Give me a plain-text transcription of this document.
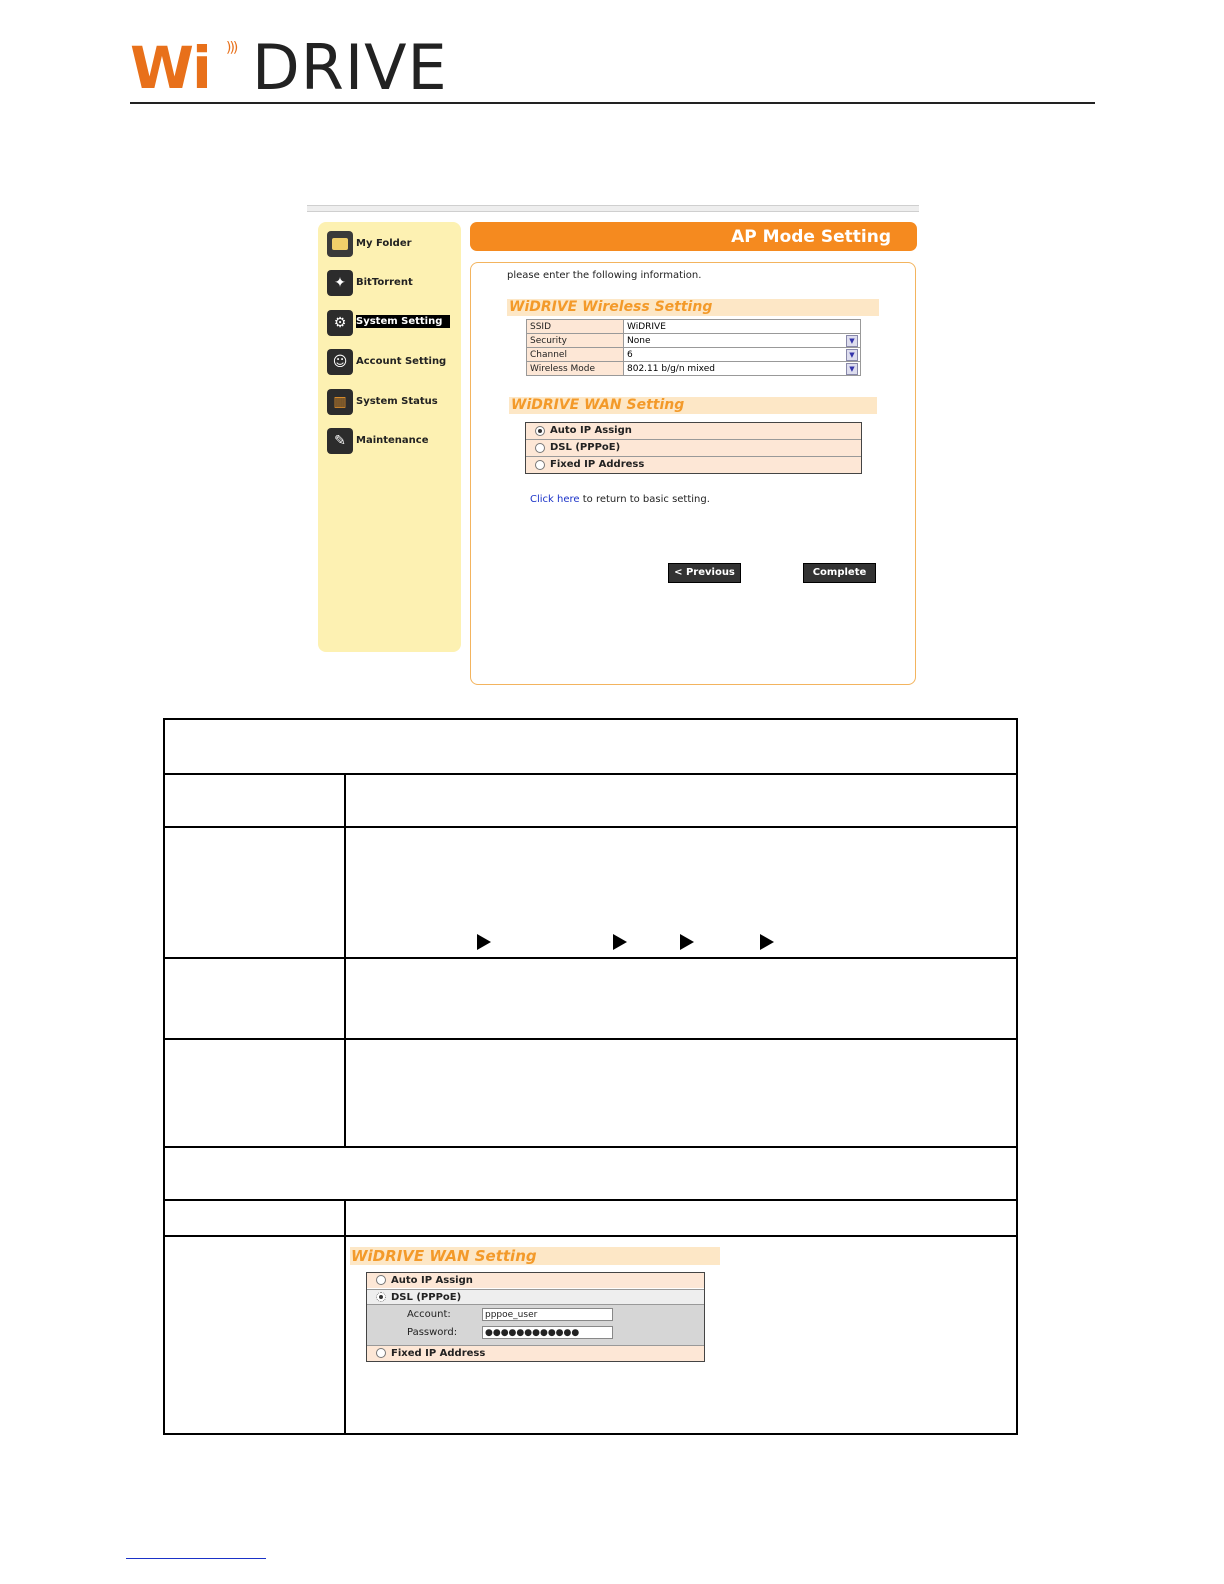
Wi ))) DRIVE
My Folder
✦	BitTorrent
⚙ System Setting
☺ Account Setting
▥ System Status
✎	Maintenance
AP Mode Setting
please enter the following information.
WiDRIVE Wireless Setting
SSID	WiDRIVE
Security	None ▼

Channel	6 ▼

Wireless Mode	802.11 b/g/n mixed ▼
WiDRIVE WAN Setting
Auto IP Assign
DSL (PPPoE)
Fixed IP Address
Click here to return to basic setting.
< Previous	Complete
WiDRIVE WAN Setting
Auto IP Assign
DSL (PPPoE)
Account:	pppoe_user
Password:	●●●●●●●●●●●●
Fixed IP Address
